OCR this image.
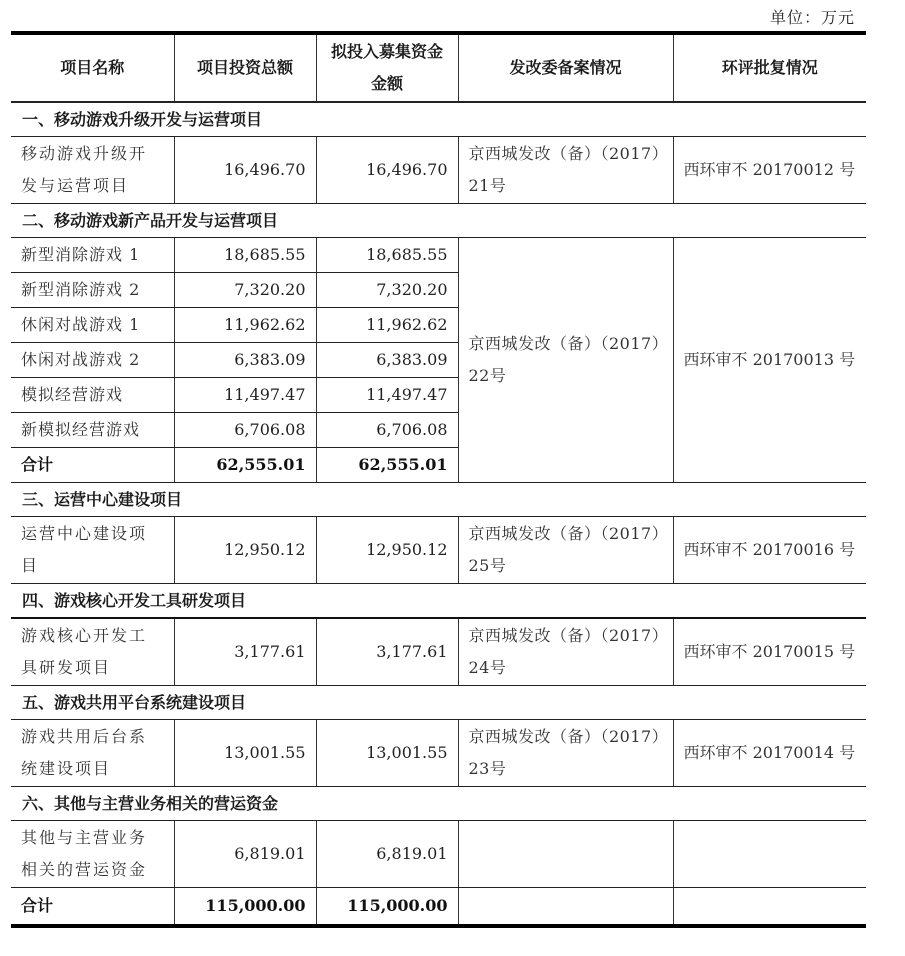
单位：万元
项目名称	项目投资总额	拟投入募集资金金额	发改委备案情况	环评批复情况
一、移动游戏升级开发与运营项目				
移动游戏升级开发与运营项目	16,496.70	16,496.70	京西城发改（备）（2017）21号	西环审不 20170012 号
二、移动游戏新产品开发与运营项目				
新型消除游戏 1	18,685.55	18,685.55	京西城发改（备）（2017）22号	西环审不 20170013 号
新型消除游戏 2	7,320.20	7,320.20		
休闲对战游戏 1	11,962.62	11,962.62		
休闲对战游戏 2	6,383.09	6,383.09		
模拟经营游戏	11,497.47	11,497.47		
新模拟经营游戏	6,706.08	6,706.08		
合计	62,555.01	62,555.01		
三、运营中心建设项目				
运营中心建设项目	12,950.12	12,950.12	京西城发改（备）（2017）25号	西环审不 20170016 号
四、游戏核心开发工具研发项目				
游戏核心开发工具研发项目	3,177.61	3,177.61	京西城发改（备）（2017）24号	西环审不 20170015 号
五、游戏共用平台系统建设项目				
游戏共用后台系统建设项目	13,001.55	13,001.55	京西城发改（备）（2017）23号	西环审不 20170014 号
六、其他与主营业务相关的营运资金				
其他与主营业务相关的营运资金	6,819.01	6,819.01		
合计	115,000.00	115,000.00		
